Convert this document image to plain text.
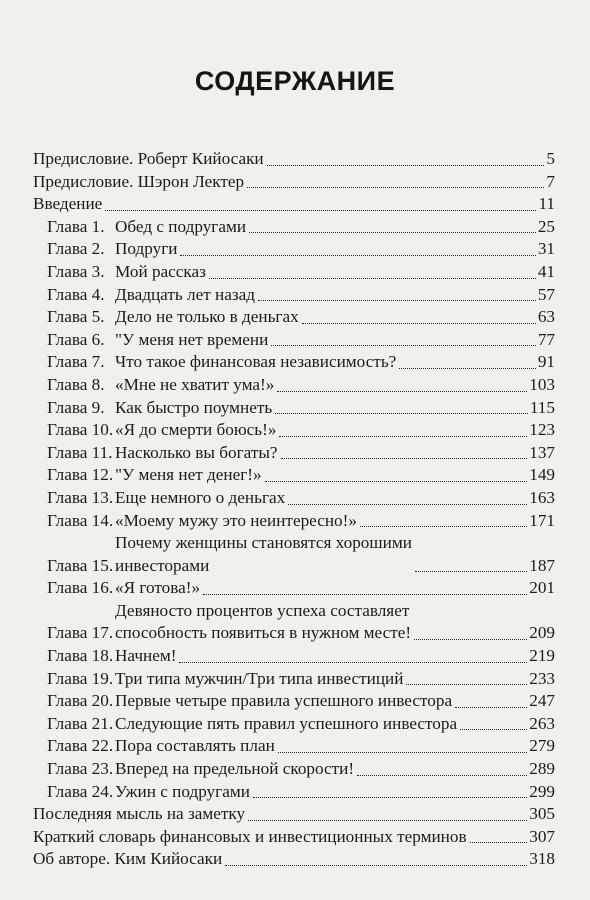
СОДЕРЖАНИЕ
Предисловие. Роберт Кийосаки	5
Предисловие. Шэрон Лектер	7
Введение	11
Глава 1. Обед с подругами	25
Глава 2. Подруги	31
Глава 3. Мой рассказ	41
Глава 4. Двадцать лет назад	57
Глава 5. Дело не только в деньгах	63
Глава 6. "У меня нет времени	77
Глава 7. Что такое финансовая независимость?	91
Глава 8. «Мне не хватит ума!»	103
Глава 9. Как быстро поумнеть	115
Глава 10. «Я до смерти боюсь!»	123
Глава 11. Насколько вы богаты?	137
Глава 12. "У меня нет денег!»	149
Глава 13. Еще немного о деньгах	163
Глава 14. «Моему мужу это неинтересно!»	171
Глава 15.
Почему женщины становятся хорошими
инвесторами	187
Глава 16. «Я готова!»	201
Глава 17.
Девяносто процентов успеха составляет
способность появиться в нужном месте!	209
Глава 18. Начнем!	219
Глава 19. Три типа мужчин/Три типа инвестиций	233
Глава 20. Первые четыре правила успешного инвестора	247
Глава 21. Следующие пять правил успешного инвестора	263
Глава 22. Пора составлять план	279
Глава 23. Вперед на предельной скорости!	289
Глава 24. Ужин с подругами	299
Последняя мысль на заметку	305
Краткий словарь финансовых и инвестиционных терминов	307
Об авторе. Ким Кийосаки	318
